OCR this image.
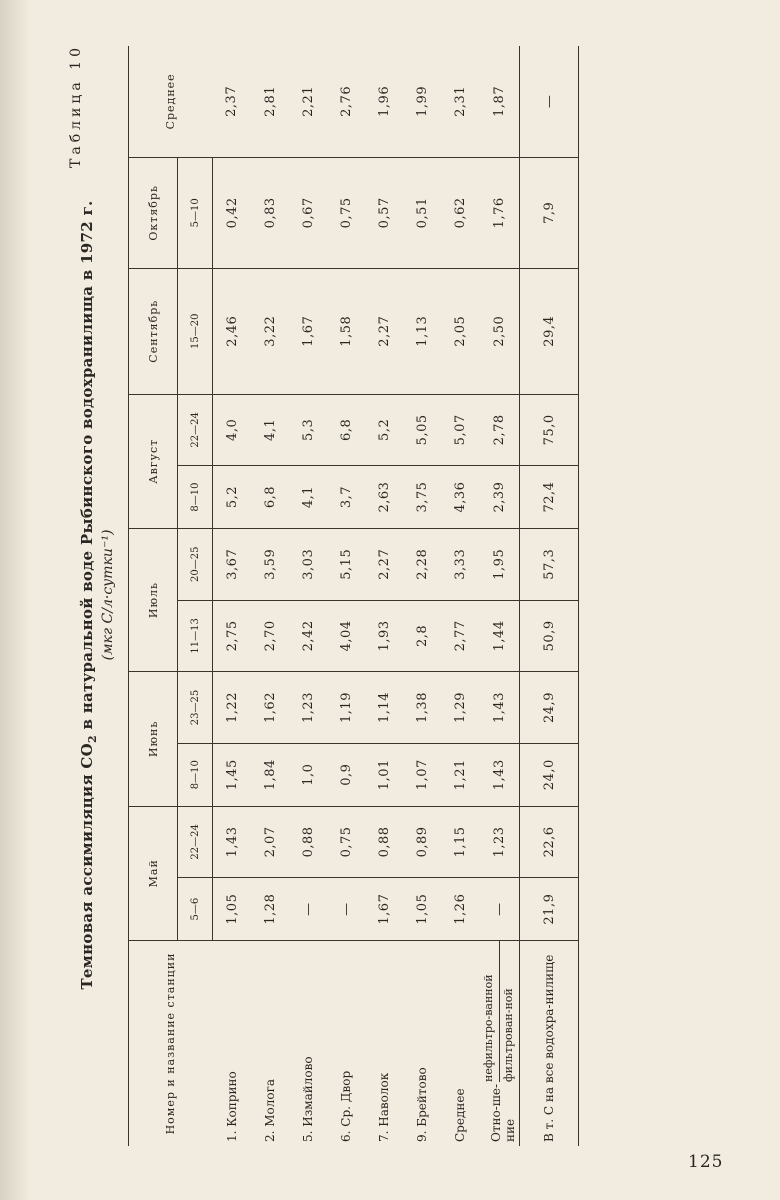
Таблица 10
Темновая ассимиляция $CO_2$ в натуральной воде Рыбинского водохранилища в 1972 г. (мкг C/л·сутки⁻¹)
Номер и название станции	Май		Июнь		Июль		Август		Сентябрь	Октябрь	Среднее
	5—6	22—24	8—10	23—25	11—13	20—25	8—10	22—24	15—20	5—10	
1. Коприно	1,05	1,43	1,45	1,22	2,75	3,67	5,2	4,0	2,46	0,42	2,37
2. Молога	1,28	2,07	1,84	1,62	2,70	3,59	6,8	4,1	3,22	0,83	2,81
5. Измайлово	—	0,88	1,0	1,23	2,42	3,03	4,1	5,3	1,67	0,67	2,21
6. Ср. Двор	—	0,75	0,9	1,19	4,04	5,15	3,7	6,8	1,58	0,75	2,76
7. Наволок	1,67	0,88	1,01	1,14	1,93	2,27	2,63	5,2	2,27	0,57	1,96
9. Брейтово	1,05	0,89	1,07	1,38	2,8	2,28	3,75	5,05	1,13	0,51	1,99
Среднее	1,26	1,15	1,21	1,29	2,77	3,33	4,36	5,07	2,05	0,62	2,31

Отно-ше-ние
нефильтро-ванной фильтрован-ной	—	1,23	1,43	1,43	1,44	1,95	2,39	2,78	2,50	1,76	1,87
В т. С на все водохра-нилище	21,9	22,6	24,0	24,9	50,9	57,3	72,4	75,0	29,4	7,9	—
125
